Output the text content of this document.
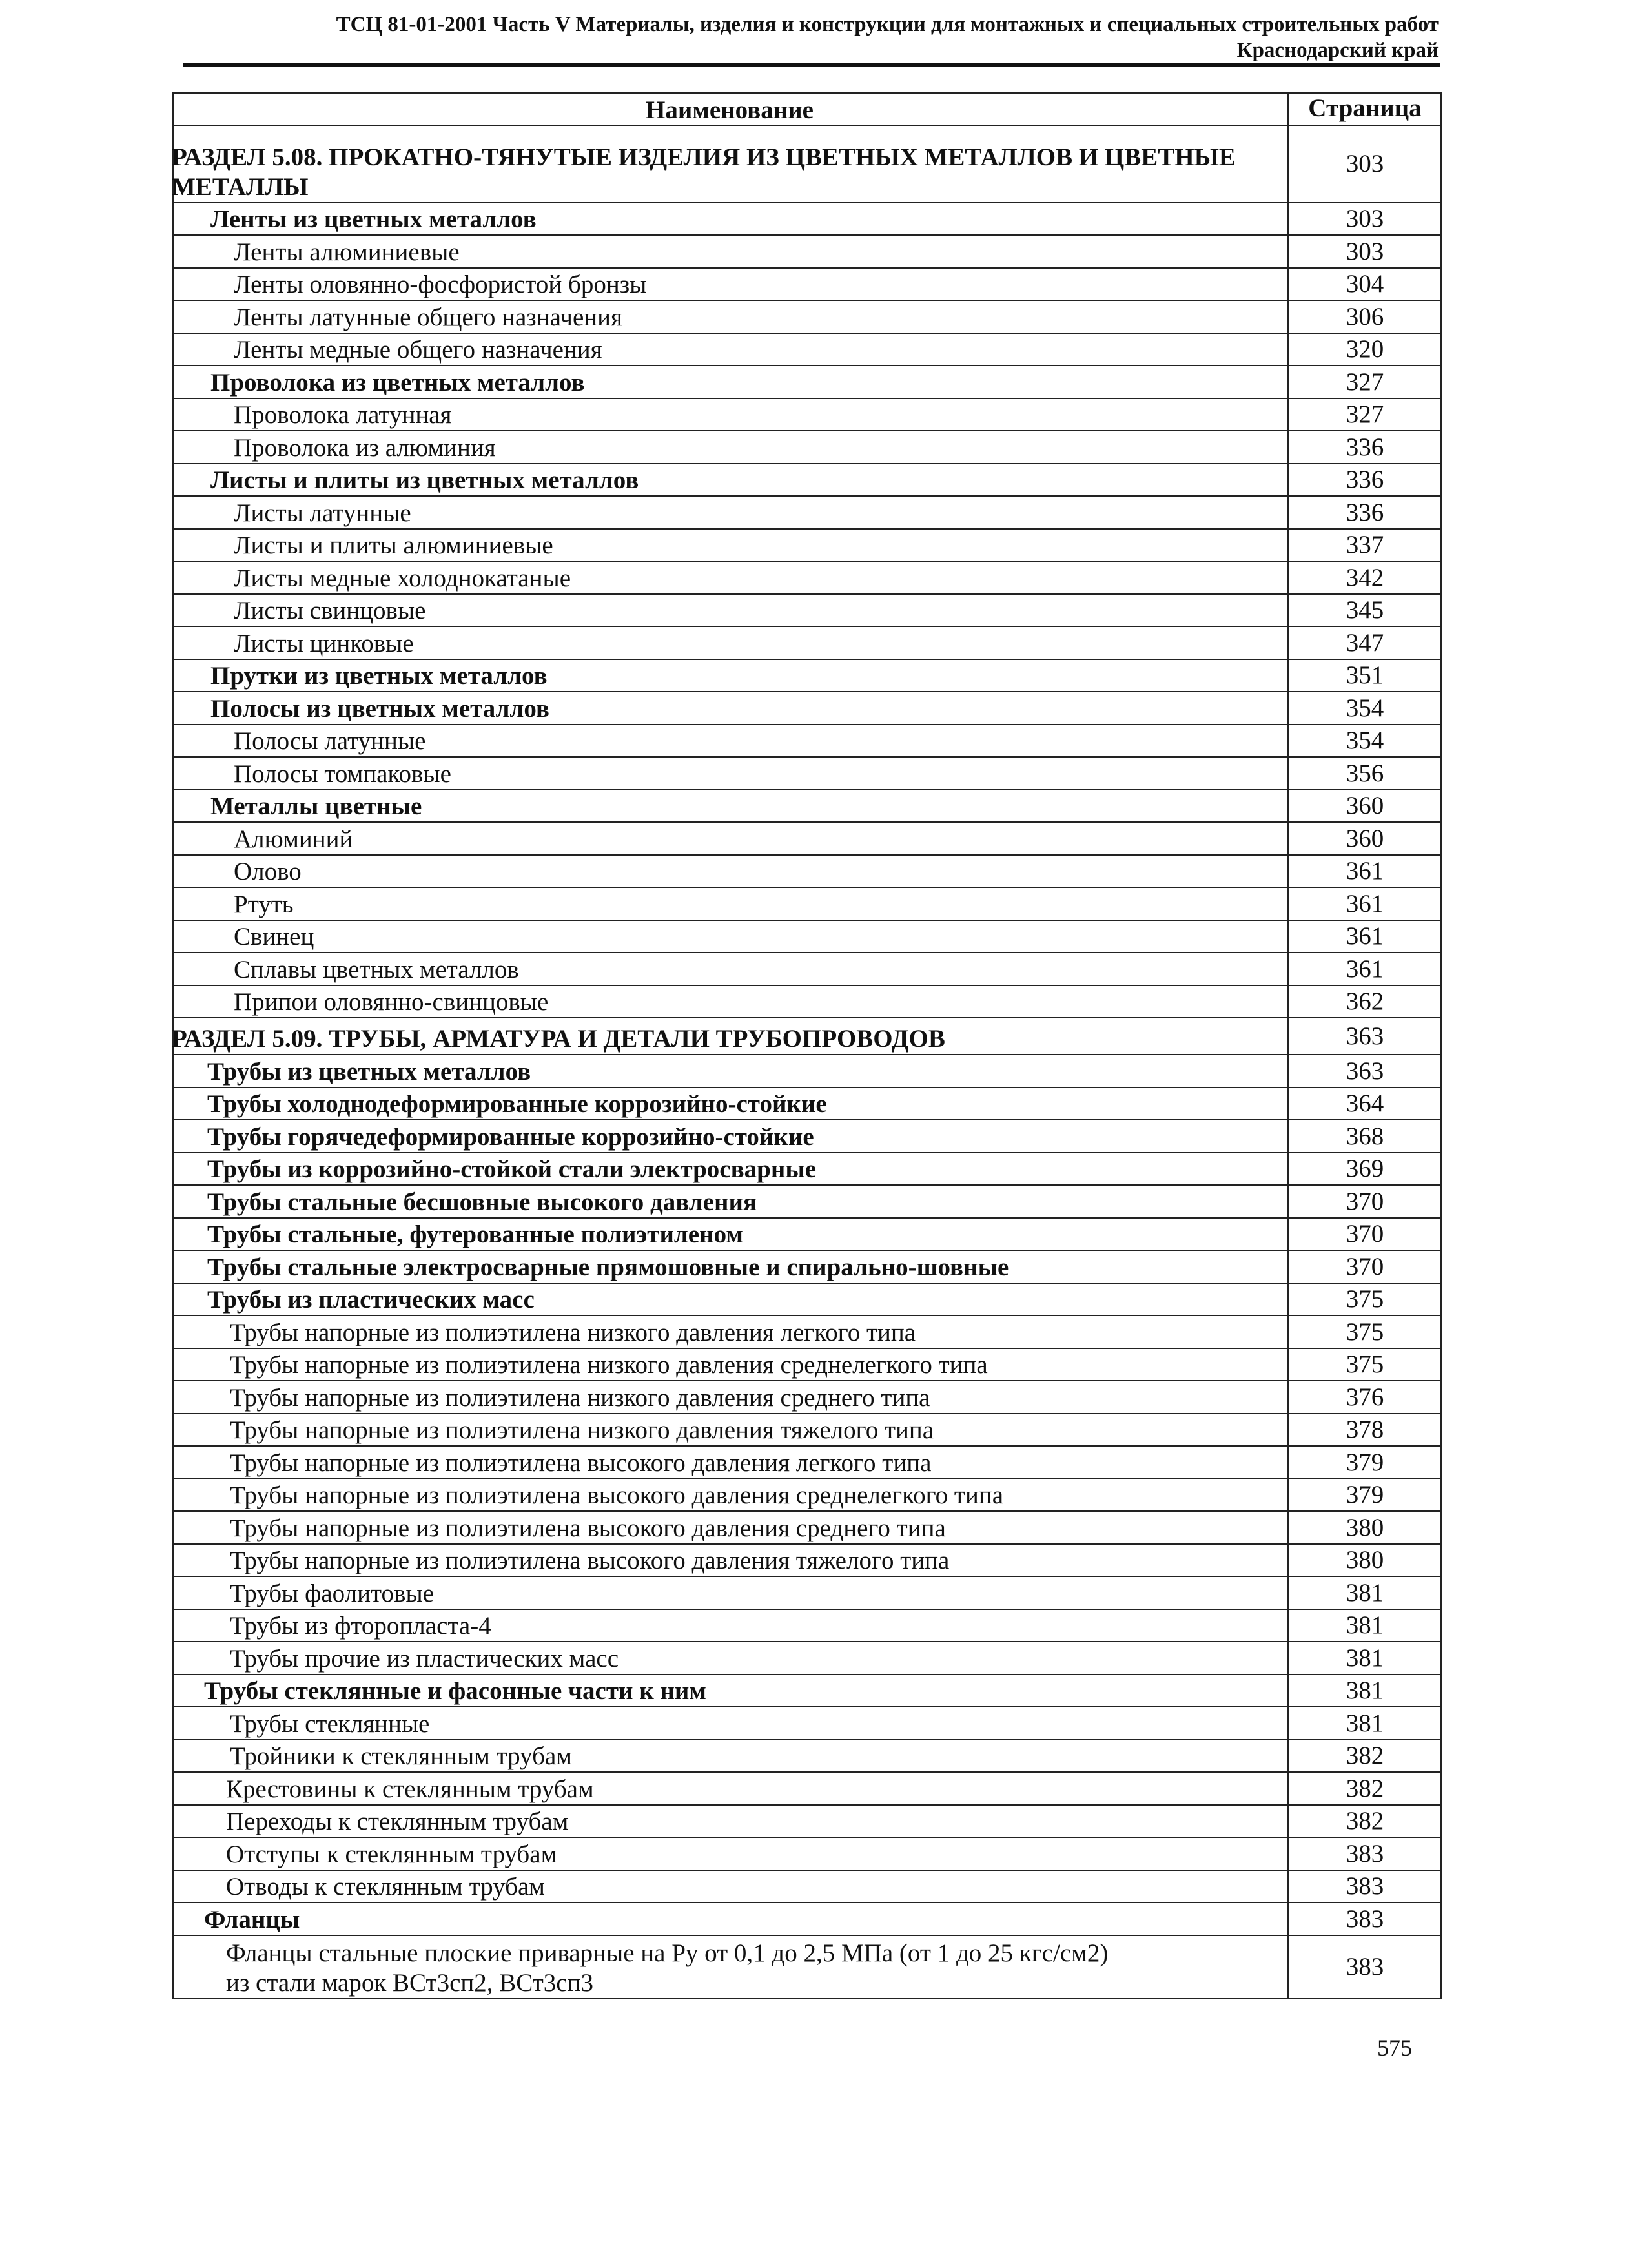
ТСЦ 81-01-2001 Часть V Материалы, изделия и конструкции для монтажных и специальных строительных работ
Краснодарский край
Наименование	Страница
РАЗДЕЛ 5.08. ПРОКАТНО-ТЯНУТЫЕ ИЗДЕЛИЯ ИЗ ЦВЕТНЫХ МЕТАЛЛОВ И ЦВЕТНЫЕ МЕТАЛЛЫ	303
Ленты из цветных металлов	303
Ленты алюминиевые	303
Ленты оловянно-фосфористой бронзы	304
Ленты латунные общего назначения	306
Ленты медные общего назначения	320
Проволока из цветных металлов	327
Проволока латунная	327
Проволока из алюминия	336
Листы и плиты из цветных металлов	336
Листы латунные	336
Листы и плиты алюминиевые	337
Листы медные холоднокатаные	342
Листы свинцовые	345
Листы цинковые	347
Прутки из цветных металлов	351
Полосы из цветных металлов	354
Полосы латунные	354
Полосы томпаковые	356
Металлы цветные	360
Алюминий	360
Олово	361
Ртуть	361
Свинец	361
Сплавы цветных металлов	361
Припои оловянно-свинцовые	362
РАЗДЕЛ 5.09. ТРУБЫ, АРМАТУРА И ДЕТАЛИ ТРУБОПРОВОДОВ	363
Трубы из цветных металлов	363
Трубы холоднодеформированные коррозийно-стойкие	364
Трубы горячедеформированные коррозийно-стойкие	368
Трубы из коррозийно-стойкой стали электросварные	369
Трубы стальные бесшовные высокого давления	370
Трубы стальные, футерованные полиэтиленом	370
Трубы стальные электросварные прямошовные и спирально-шовные	370
Трубы из пластических масс	375
Трубы напорные из полиэтилена низкого давления легкого типа	375
Трубы напорные из полиэтилена низкого давления среднелегкого типа	375
Трубы напорные из полиэтилена низкого давления среднего типа	376
Трубы напорные из полиэтилена низкого давления тяжелого типа	378
Трубы напорные из полиэтилена высокого давления легкого типа	379
Трубы напорные из полиэтилена высокого давления среднелегкого типа	379
Трубы напорные из полиэтилена высокого давления среднего типа	380
Трубы напорные из полиэтилена высокого давления тяжелого типа	380
Трубы фаолитовые	381
Трубы из фторопласта-4	381
Трубы прочие из пластических масс	381
Трубы стеклянные и фасонные части к ним	381
Трубы стеклянные	381
Тройники к стеклянным трубам	382
Крестовины к стеклянным трубам	382
Переходы к стеклянным трубам	382
Отступы к стеклянным трубам	383
Отводы к стеклянным трубам	383
Фланцы	383

Фланцы стальные плоские приварные на Ру от 0,1 до 2,5 МПа (от 1 до 25 кгс/см2)
из стали марок ВСт3сп2, ВСт3сп3	383
575
